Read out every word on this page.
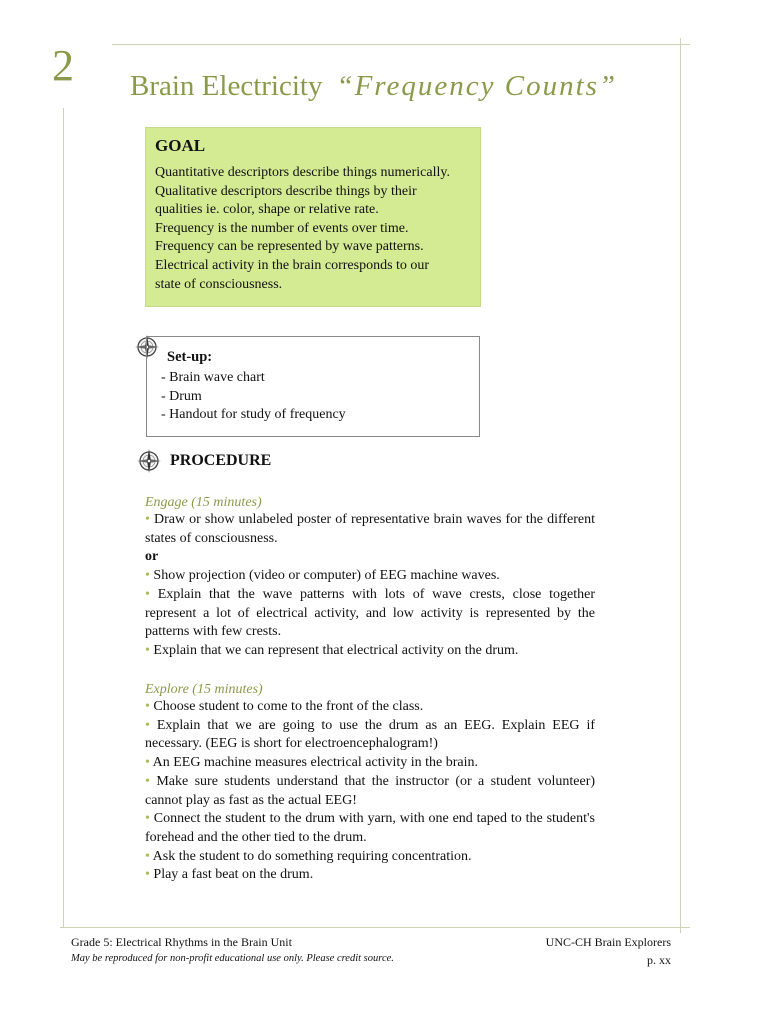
2 Brain Electricity “Frequency Counts”
GOAL
Quantitative descriptors describe things numerically.
Qualitative descriptors describe things by their
qualities ie. color, shape or relative rate.
Frequency is the number of events over time.
Frequency can be represented by wave patterns.
Electrical activity in the brain corresponds to our
state of consciousness.
Set-up:
- Brain wave chart
- Drum
- Handout for study of frequency
PROCEDURE
Engage (15 minutes)
• Draw or show unlabeled poster of representative brain waves for the different states of consciousness.
or
• Show projection (video or computer) of EEG machine waves.
• Explain that the wave patterns with lots of wave crests, close together represent a lot of electrical activity, and low activity is represented by the patterns with few crests.
• Explain that we can represent that electrical activity on the drum.
Explore (15 minutes)
• Choose student to come to the front of the class.
• Explain that we are going to use the drum as an EEG. Explain EEG if necessary. (EEG is short for electroencephalogram!)
• An EEG machine measures electrical activity in the brain.
• Make sure students understand that the instructor (or a student volunteer) cannot play as fast as the actual EEG!
• Connect the student to the drum with yarn, with one end taped to the student's forehead and the other tied to the drum.
• Ask the student to do something requiring concentration.
• Play a fast beat on the drum.
Grade 5: Electrical Rhythms in the Brain Unit
May be reproduced for non-profit educational use only. Please credit source.
UNC-CH Brain Explorers
p. xx
